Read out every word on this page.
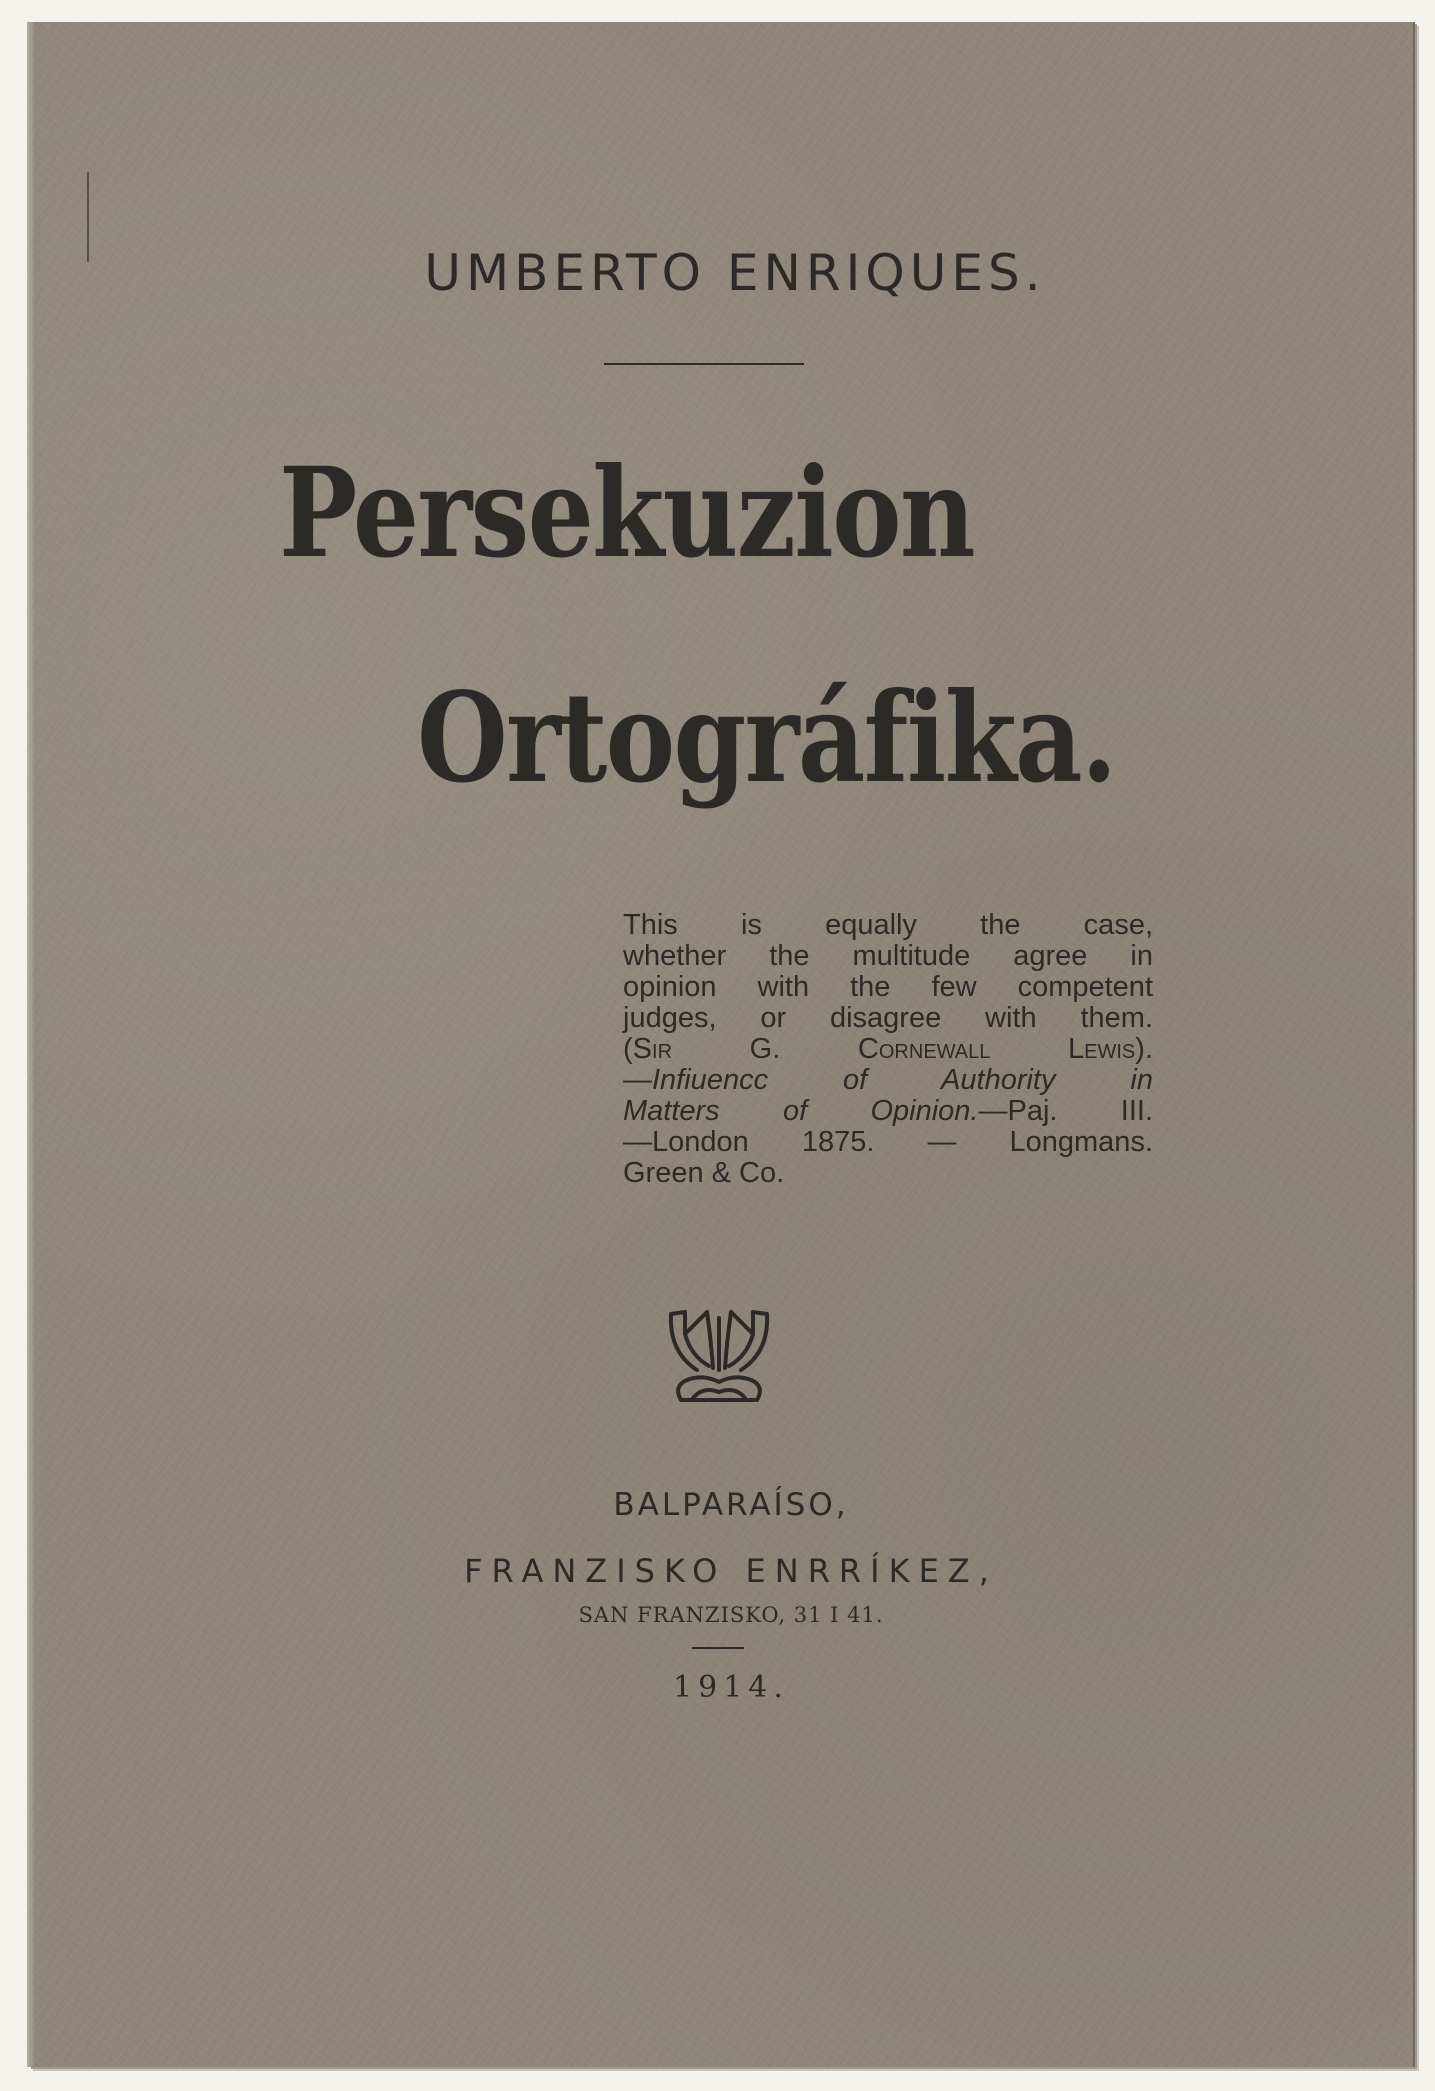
UMBERTO ENRIQUES.
Persekuzion
Ortográfika.
This is equally the case,
whether the multitude agree in
opinion with the few competent
judges, or disagree with them.
(Sir G. Cornewall Lewis).
—Infiuencc of Authority in
Matters of Opinion.—Paj. III.
—London 1875. — Longmans.
Green & Co.
BALPARAÍSO,
FRANZISKO ENRRÍKEZ,
SAN FRANZISKO, 31 I 41.
1914.
